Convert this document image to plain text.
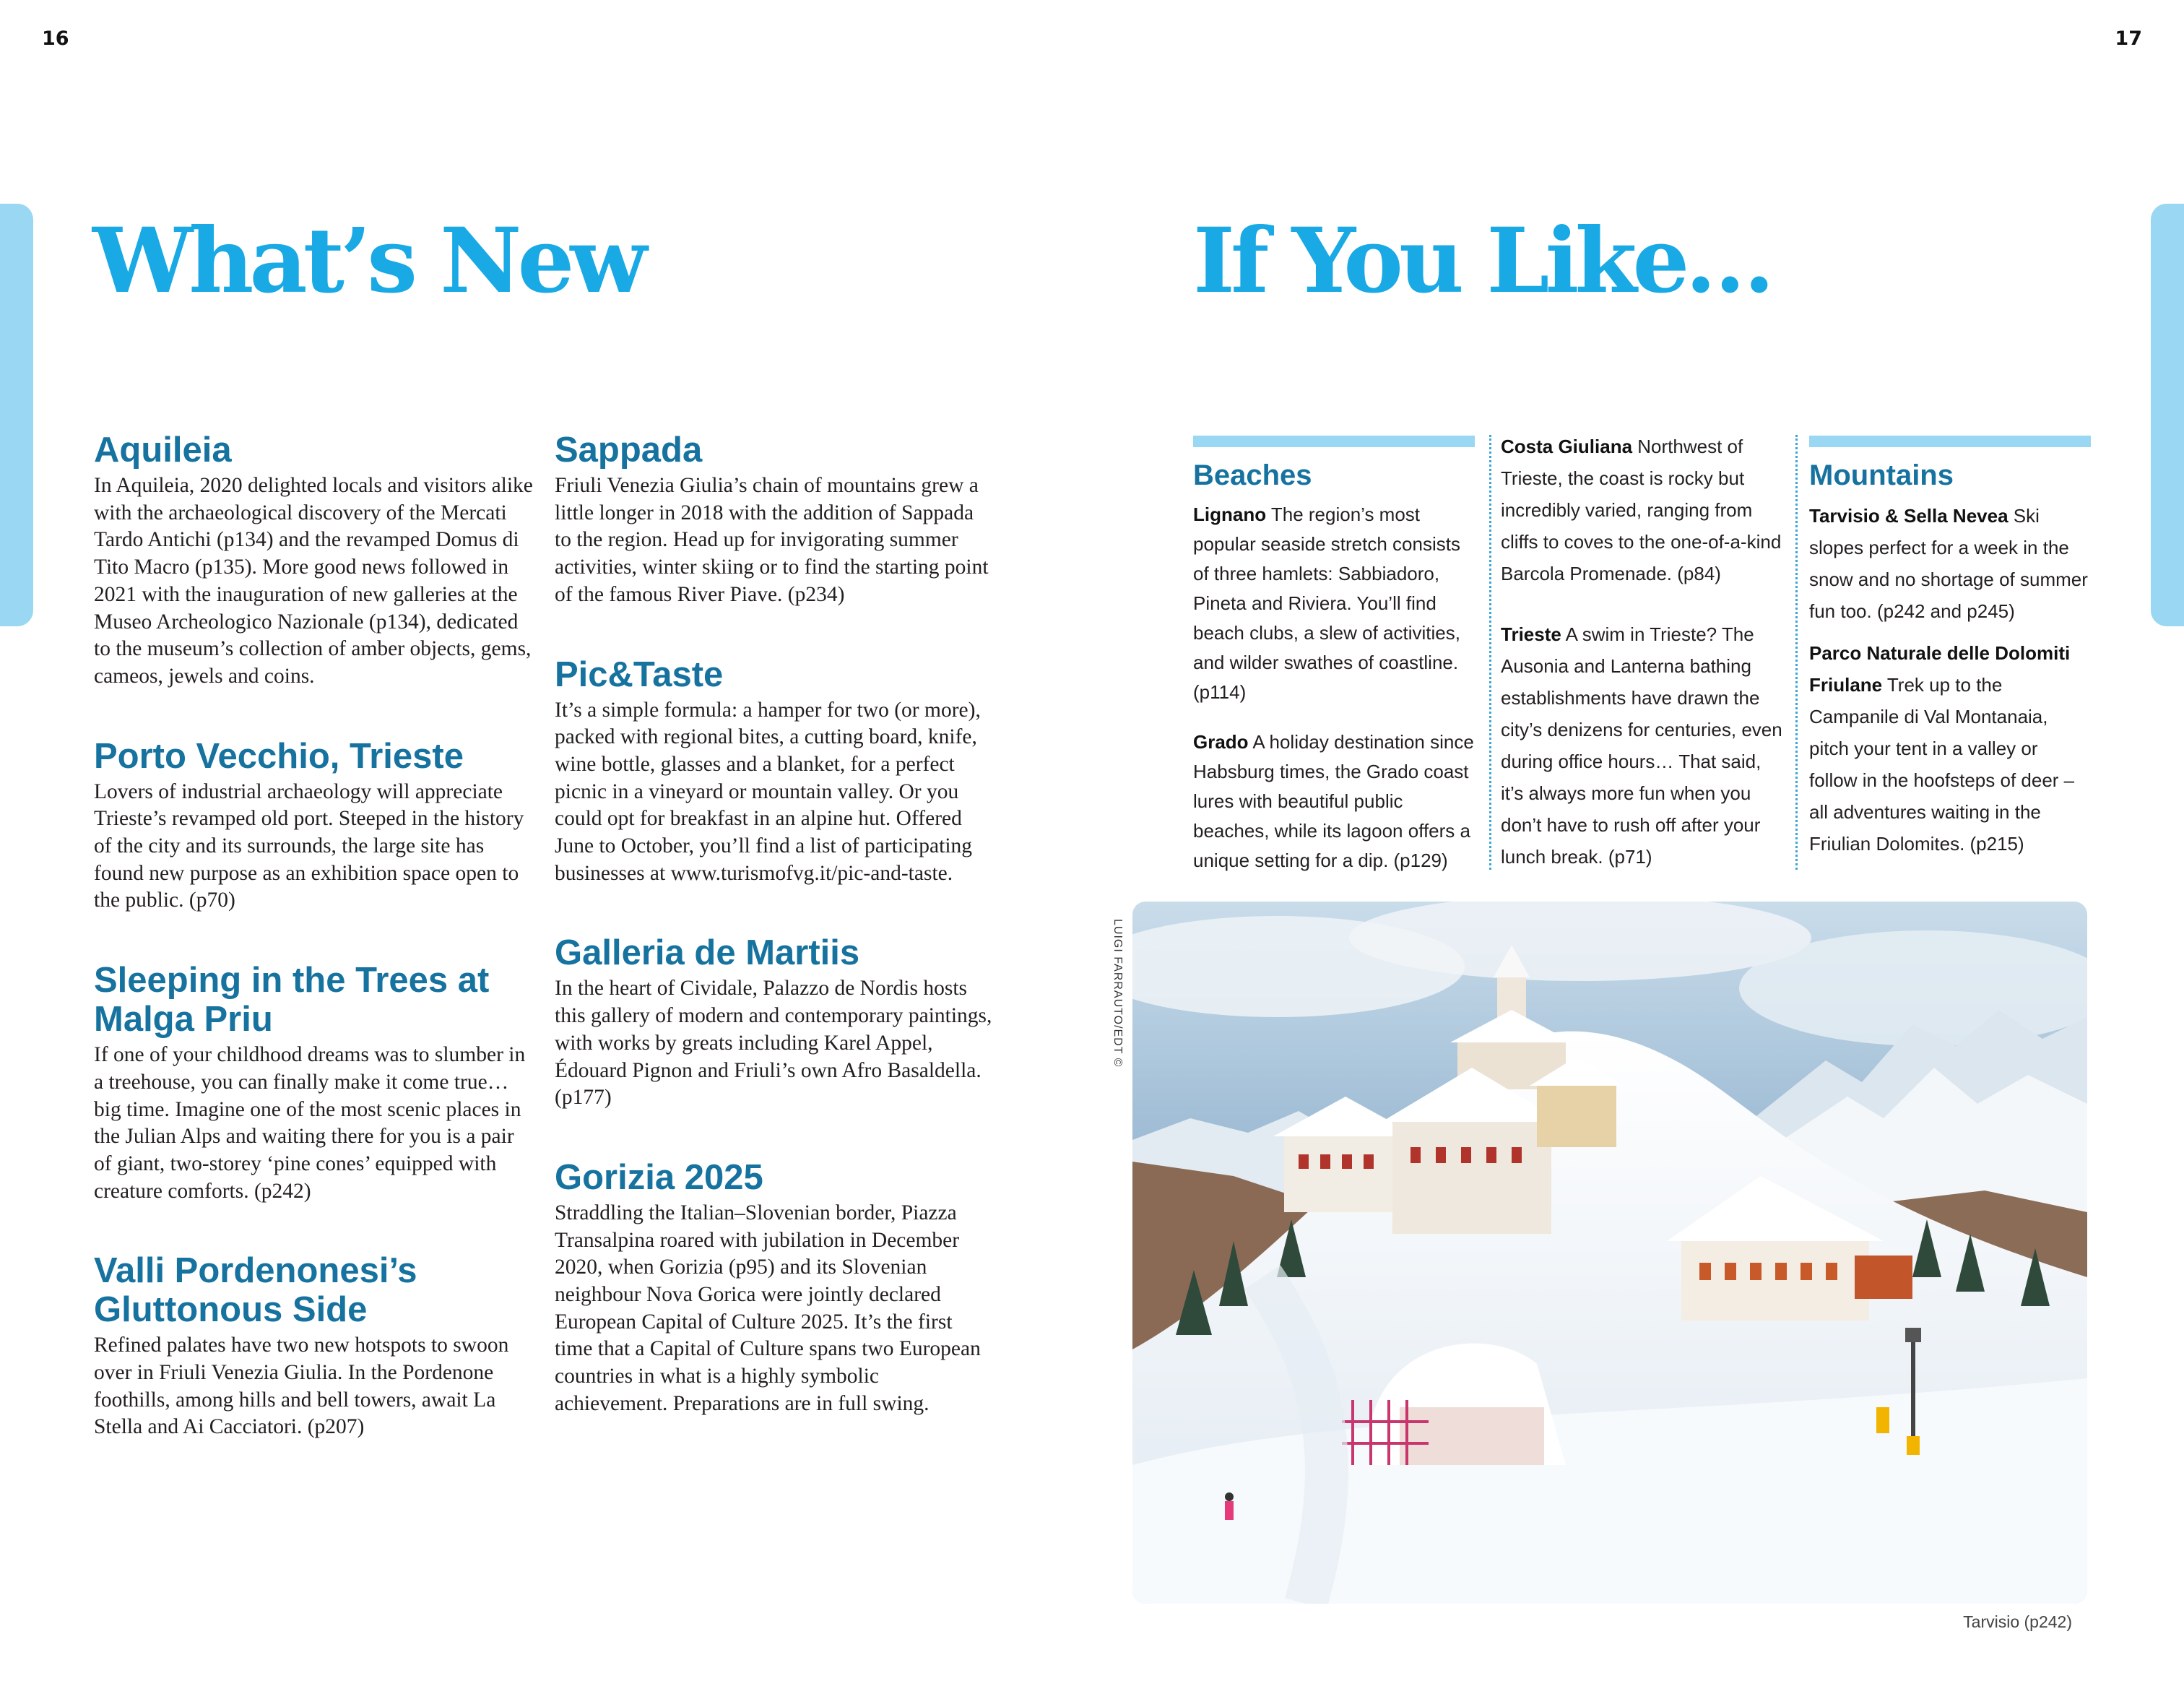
16	17
What’s New	If You Like…
Aquileia

In Aquileia, 2020 delighted locals and visitors alike with the archaeological discovery of the Mercati Tardo Antichi (p134) and the revamped Domus di Tito Macro (p135). More good news followed in 2021 with the inauguration of new galleries at the Museo Archeologico Nazionale (p134), dedicated to the museum’s collection of amber objects, gems, cameos, jewels and coins.

Porto Vecchio, Trieste

Lovers of industrial archaeology will appreciate Trieste’s revamped old port. Steeped in the history of the city and its surrounds, the large site has found new purpose as an exhibition space open to the public. (p70)

Sleeping in the Trees at Malga Priu

If one of your childhood dreams was to slumber in a treehouse, you can finally make it come true… big time. Imagine one of the most scenic places in the Julian Alps and waiting there for you is a pair of giant, two-storey ‘pine cones’ equipped with creature comforts. (p242)

Valli Pordenonesi’s Gluttonous Side

Refined palates have two new hotspots to swoon over in Friuli Venezia Giulia. In the Pordenone foothills, among hills and bell towers, await La Stella and Ai Cacciatori. (p207)

Sappada

Friuli Venezia Giulia’s chain of mountains grew a little longer in 2018 with the addition of Sappada to the region. Head up for invigorating summer activities, winter skiing or to find the starting point of the famous River Piave. (p234)

Pic&Taste

It’s a simple formula: a hamper for two (or more), packed with regional bites, a cutting board, knife, wine bottle, glasses and a blanket, for a perfect picnic in a vineyard or mountain valley. Or you could opt for breakfast in an alpine hut. Offered June to October, you’ll find a list of participating businesses at www.turismofvg.it/pic-and-taste.

Galleria de Martiis

In the heart of Cividale, Palazzo de Nordis hosts this gallery of modern and contemporary paintings, with works by greats including Karel Appel, Édouard Pignon and Friuli’s own Afro Basaldella. (p177)

Gorizia 2025

Straddling the Italian–Slovenian border, Piazza Transalpina roared with jubilation in December 2020, when Gorizia (p95) and its Slovenian neighbour Nova Gorica were jointly declared European Capital of Culture 2025. It’s the first time that a Capital of Culture spans two European countries in what is a highly symbolic achievement. Preparations are in full swing.

Beaches

Lignano The region’s most popular seaside stretch consists of three hamlets: Sabbiadoro, Pineta and Riviera. You’ll find beach clubs, a slew of activities, and wilder swathes of coastline. (p114)

Grado A holiday destination since Habsburg times, the Grado coast lures with beautiful public beaches, while its lagoon offers a unique setting for a dip. (p129)

Costa Giuliana Northwest of Trieste, the coast is rocky but incredibly varied, ranging from cliffs to coves to the one-of-a-kind Barcola Promenade. (p84)

Trieste A swim in Trieste? The Ausonia and Lanterna bathing establishments have drawn the city’s denizens for centuries, even during office hours… That said, it’s always more fun when you don’t have to rush off after your lunch break. (p71)

Mountains

Tarvisio & Sella Nevea Ski slopes perfect for a week in the snow and no shortage of summer fun too. (p242 and p245)

Parco Naturale delle Dolomiti Friulane Trek up to the Campanile di Val Montanaia, pitch your tent in a valley or follow in the hoofsteps of deer – all adventures waiting in the Friulian Dolomites. (p215)

LUIGI FARRAUTO/EDT ©
Tarvisio (p242)
